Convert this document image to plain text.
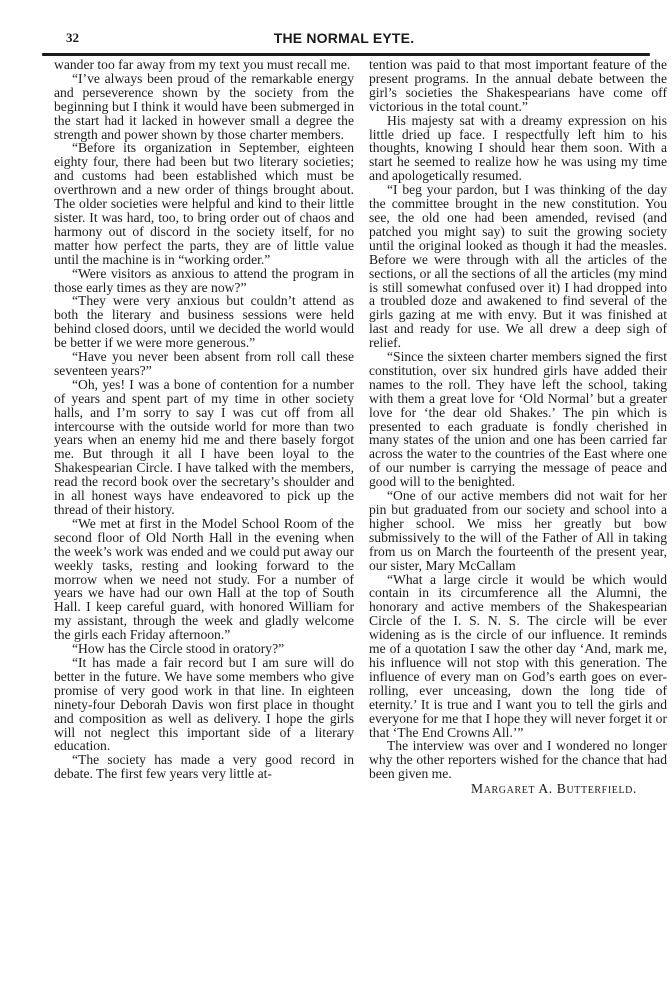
32	THE NORMAL EYTE.

wander too far away from my text you must recall me.

“I’ve always been proud of the remarkable energy and perseverence shown by the society from the beginning but I think it would have been submerged in the start had it lacked in however small a degree the strength and power shown by those charter members.

“Before its organization in September, eighteen eighty four, there had been but two literary societies; and customs had been established which must be overthrown and a new order of things brought about. The older societies were helpful and kind to their little sister. It was hard, too, to bring order out of chaos and harmony out of discord in the society itself, for no matter how perfect the parts, they are of little value until the machine is in “working order.”

“Were visitors as anxious to attend the program in those early times as they are now?”

“They were very anxious but couldn’t attend as both the literary and business sessions were held behind closed doors, until we decided the world would be better if we were more generous.”

“Have you never been absent from roll call these seventeen years?”

“Oh, yes! I was a bone of contention for a number of years and spent part of my time in other society halls, and I’m sorry to say I was cut off from all intercourse with the outside world for more than two years when an enemy hid me and there basely forgot me. But through it all I have been loyal to the Shakespearian Circle. I have talked with the members, read the record book over the secretary’s shoulder and in all honest ways have endeavored to pick up the thread of their history.

“We met at first in the Model School Room of the second floor of Old North Hall in the evening when the week’s work was ended and we could put away our weekly tasks, resting and looking forward to the morrow when we need not study. For a number of years we have had our own Hall at the top of South Hall. I keep careful guard, with honored William for my assistant, through the week and gladly welcome the girls each Friday afternoon.”

“How has the Circle stood in oratory?”

“It has made a fair record but I am sure will do better in the future. We have some members who give promise of very good work in that line. In eighteen ninety-four Deborah Davis won first place in thought and composition as well as delivery. I hope the girls will not neglect this important side of a literary education.

“The society has made a very good record in debate. The first few years very little at-

tention was paid to that most important feature of the present programs. In the annual debate between the girl’s societies the Shakespearians have come off victorious in the total count.”

His majesty sat with a dreamy expression on his little dried up face. I respectfully left him to his thoughts, knowing I should hear them soon. With a start he seemed to realize how he was using my time and apologetically resumed.

“I beg your pardon, but I was thinking of the day the committee brought in the new constitution. You see, the old one had been amended, revised (and patched you might say) to suit the growing society until the original looked as though it had the measles. Before we were through with all the articles of the sections, or all the sections of all the articles (my mind is still somewhat confused over it) I had dropped into a troubled doze and awakened to find several of the girls gazing at me with envy. But it was finished at last and ready for use. We all drew a deep sigh of relief.

“Since the sixteen charter members signed the first constitution, over six hundred girls have added their names to the roll. They have left the school, taking with them a great love for ‘Old Normal’ but a greater love for ‘the dear old Shakes.’ The pin which is presented to each graduate is fondly cherished in many states of the union and one has been carried far across the water to the countries of the East where one of our number is carrying the message of peace and good will to the benighted.

“One of our active members did not wait for her pin but graduated from our society and school into a higher school. We miss her greatly but bow submissively to the will of the Father of All in taking from us on March the fourteenth of the present year, our sister, Mary McCallam

“What a large circle it would be which would contain in its circumference all the Alumni, the honorary and active members of the Shakespearian Circle of the I. S. N. S. The circle will be ever widening as is the circle of our influence. It reminds me of a quotation I saw the other day ‘And, mark me, his influence will not stop with this generation. The influence of every man on God’s earth goes on ever-rolling, ever unceasing, down the long tide of eternity.’ It is true and I want you to tell the girls and everyone for me that I hope they will never forget it or that ‘The End Crowns All.’”

The interview was over and I wondered no longer why the other reporters wished for the chance that had been given me.

Margaret A. Butterfield.
